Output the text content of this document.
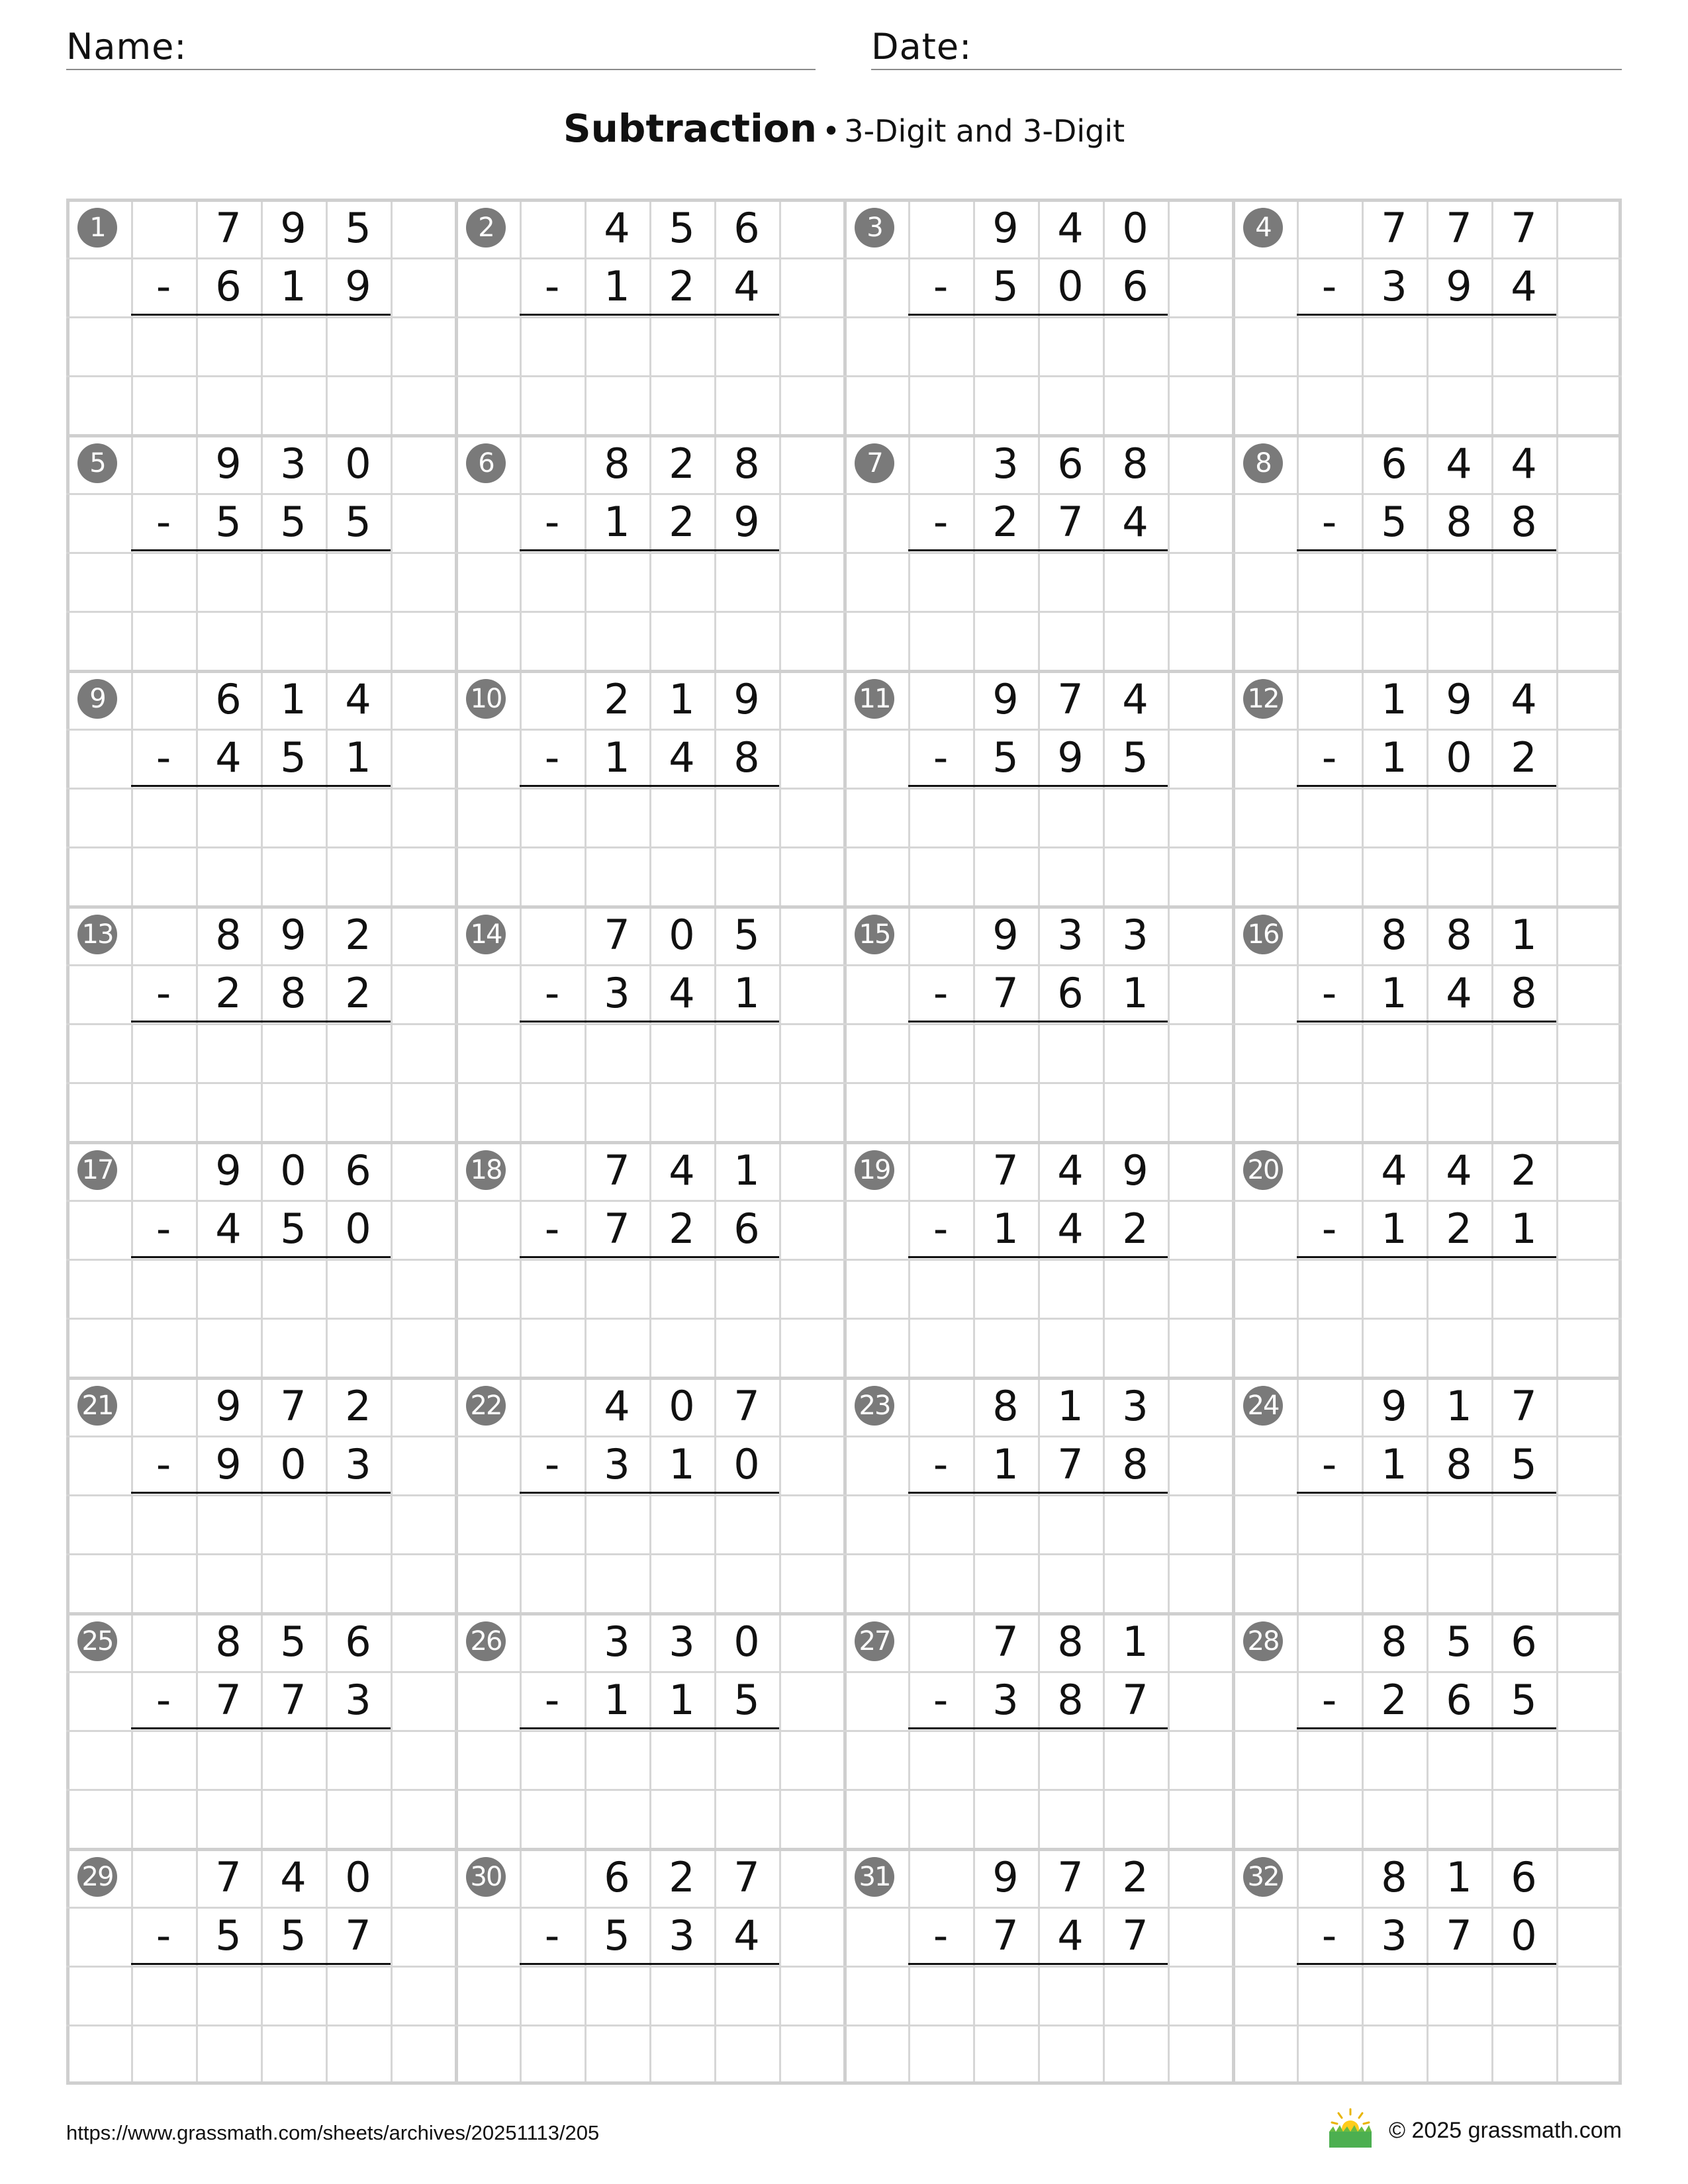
Name:	Date:
Subtraction • 3-Digit and 3-Digit
1	7 9 5
-	6 1 9
2	4 5 6
-	1 2 4
3	9 4 0
-	5 0 6
4	7 7 7
-	3 9 4
5	9 3 0
-	5 5 5
6	8 2 8
-	1 2 9
7	3 6 8
-	2 7 4
8	6 4 4
-	5 8 8
9	6 1 4
-	4 5 1
10	2 1 9
-	1 4 8
11	9 7 4
-	5 9 5
12	1 9 4
-	1 0 2
13	8 9 2
-	2 8 2
14	7 0 5
-	3 4 1
15	9 3 3
-	7 6 1
16	8 8 1
-	1 4 8
17	9 0 6
-	4 5 0
18	7 4 1
-	7 2 6
19	7 4 9
-	1 4 2
20	4 4 2
-	1 2 1
21	9 7 2
-	9 0 3
22	4 0 7
-	3 1 0
23	8 1 3
-	1 7 8
24	9 1 7
-	1 8 5
25	8 5 6
-	7 7 3
26	3 3 0
-	1 1 5
27	7 8 1
-	3 8 7
28	8 5 6
-	2 6 5
29	7 4 0
-	5 5 7
30	6 2 7
-	5 3 4
31	9 7 2
-	7 4 7
32	8 1 6
-	3 7 0
https://www.grassmath.com/sheets/archives/20251113/205	© 2025 grassmath.com
